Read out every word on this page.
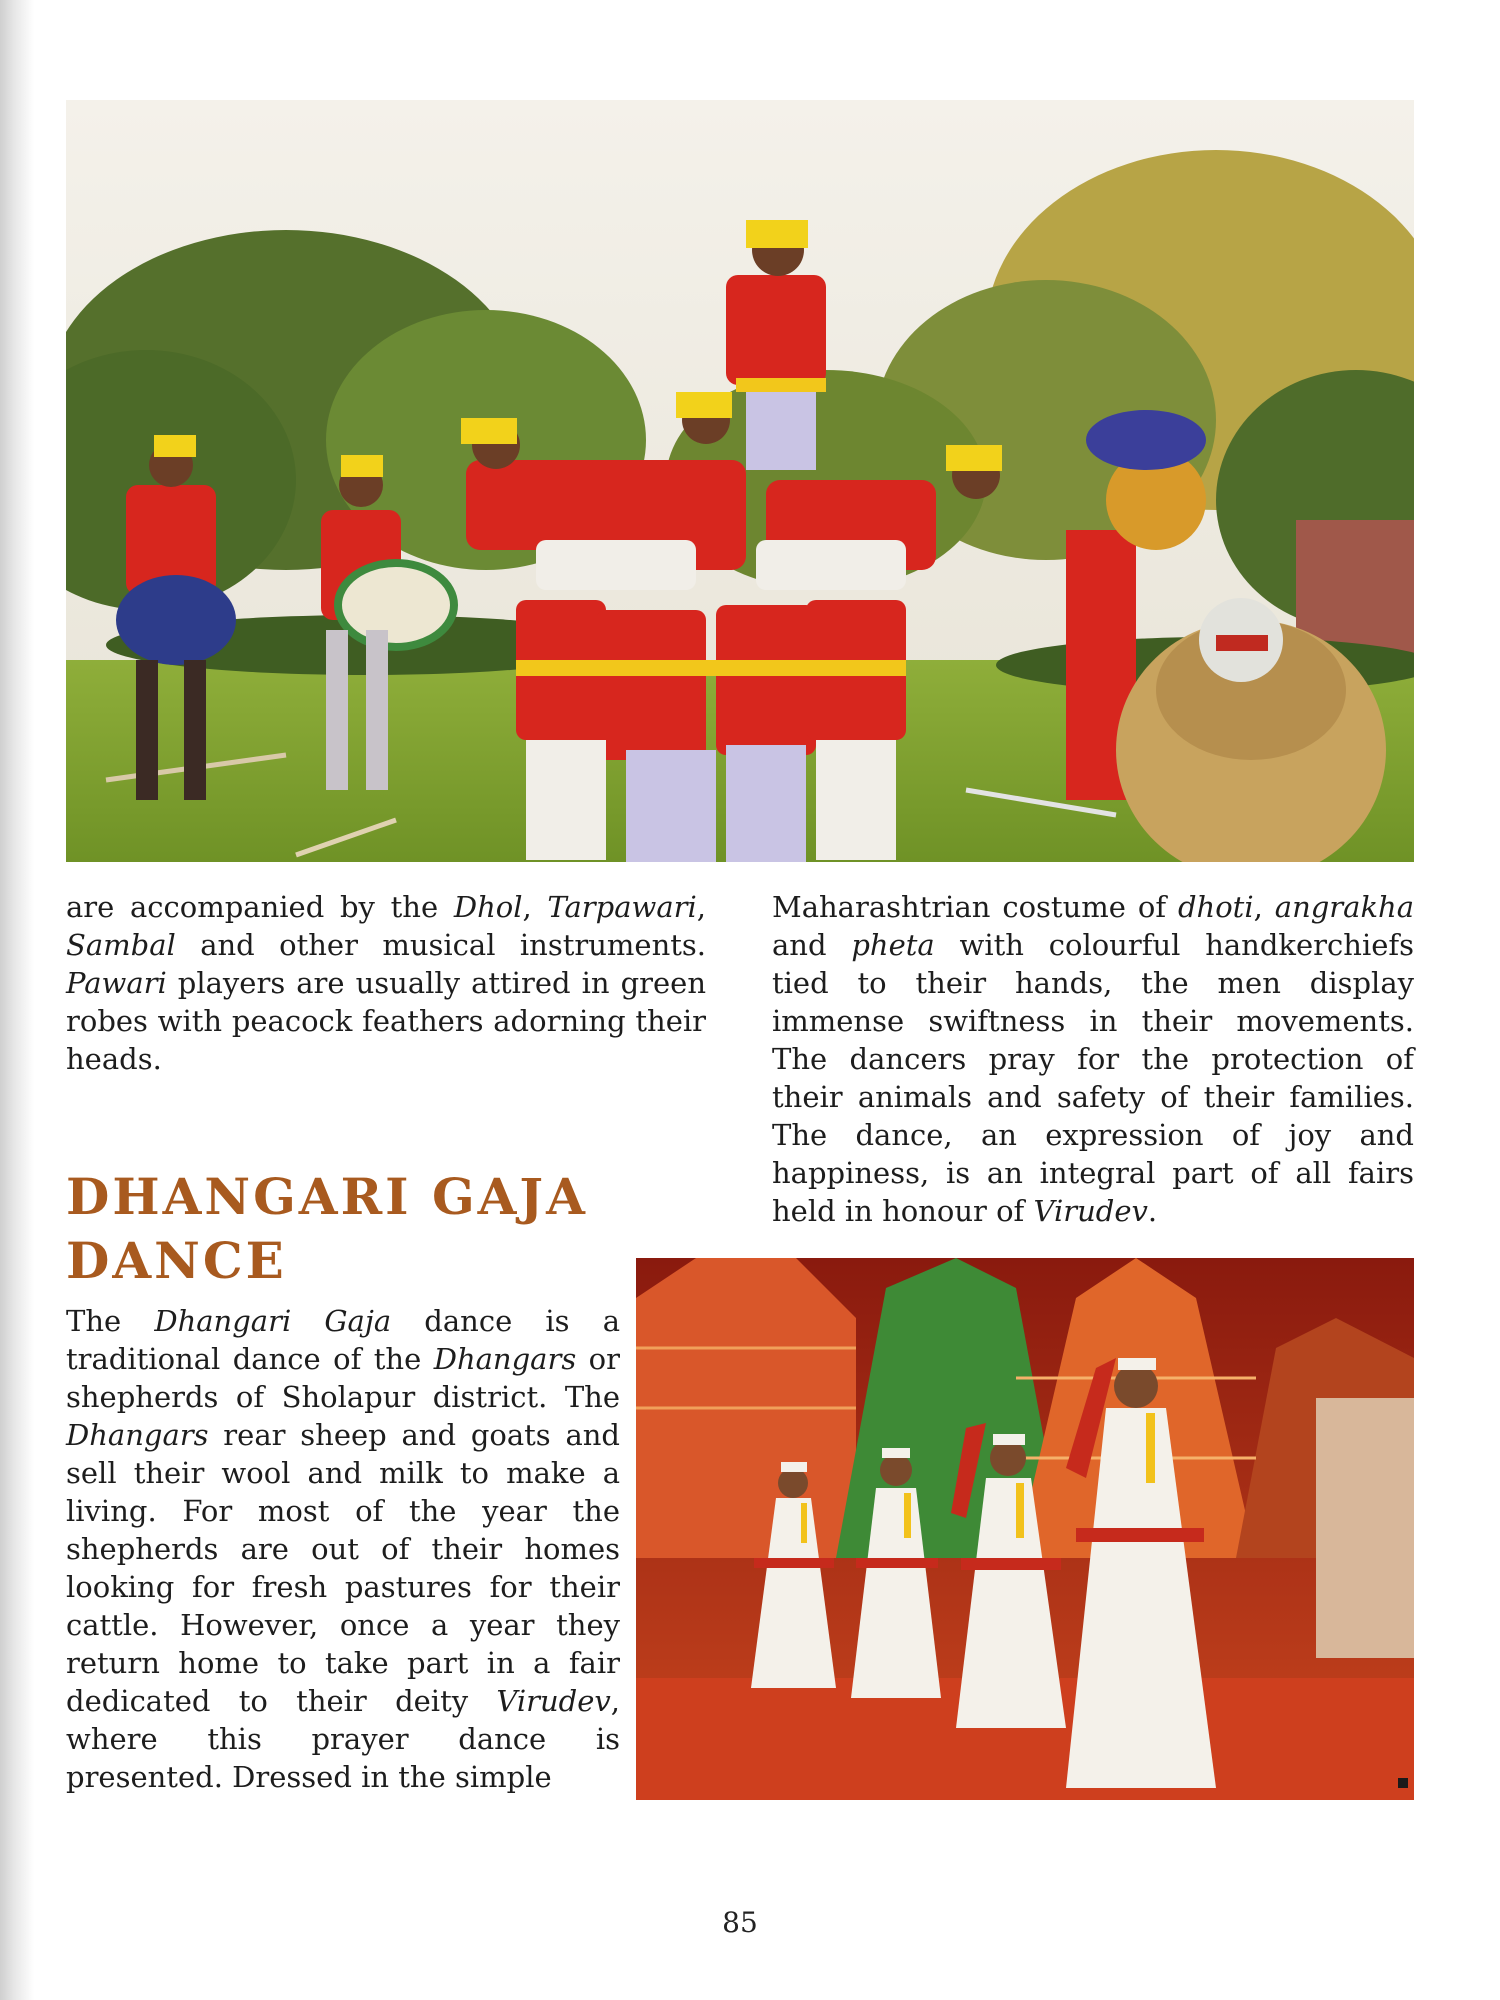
are accompanied by the Dhol, Tarpawari, Sambal and other musical instruments. Pawari players are usually attired in green robes with peacock feathers adorning their heads.

DHANGARI GAJA
DANCE

The Dhangari Gaja dance is a traditional dance of the Dhangars or shepherds of Sholapur district. The Dhangars rear sheep and goats and sell their wool and milk to make a living. For most of the year the shepherds are out of their homes looking for fresh pastures for their cattle. However, once a year they return home to take part in a fair dedicated to their deity Virudev, where this prayer dance is presented. Dressed in the simple

Maharashtrian costume of dhoti, angrakha and pheta with colourful handkerchiefs tied to their hands, the men display immense swiftness in their movements. The dancers pray for the protection of their animals and safety of their families. The dance, an expression of joy and happiness, is an integral part of all fairs held in honour of Virudev.

85
